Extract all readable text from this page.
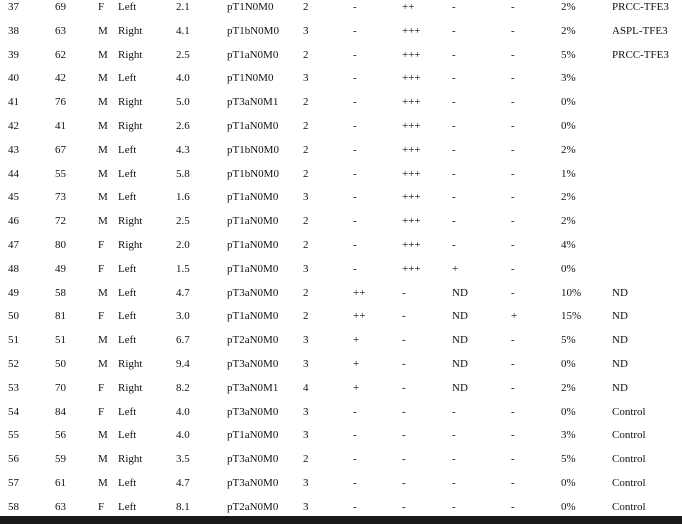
37	69	F Left	2.1	pT1N0M0	2	-	++	-	-	2%	PRCC-TFE3
38	63	M Right	4.1	pT1bN0M0 3	-	+++	-	-	2%	ASPL-TFE3
39	62	M Right	2.5	pT1aN0M0 2	-	+++	-	-	5%	PRCC-TFE3
40	42	M Left	4.0	pT1N0M0	3	-	+++	-	-	3%
41	76	M Right	5.0	pT3aN0M1 2	-	+++	-	-	0%
42	41	M Right	2.6	pT1aN0M0 2	-	+++	-	-	0%
43	67	M Left	4.3	pT1bN0M0 2	-	+++	-	-	2%
44	55	M Left	5.8	pT1bN0M0 2	-	+++	-	-	1%
45	73	M Left	1.6	pT1aN0M0 3	-	+++	-	-	2%
46	72	M Right	2.5	pT1aN0M0 2	-	+++	-	-	2%
47	80	F Right	2.0	pT1aN0M0 2	-	+++	-	-	4%
48	49	F Left	1.5	pT1aN0M0 3	-	+++	+	-	0%
49	58	M Left	4.7	pT3aN0M0 2	++	-	ND	-	10%	ND
50	81	F Left	3.0	pT1aN0M0 2	++	-	ND	+	15%	ND
51	51	M Left	6.7	pT2aN0M0 3	+	-	ND	-	5%	ND
52	50	M Right	9.4	pT3aN0M0 3	+	-	ND	-	0%	ND
53	70	F Right	8.2	pT3aN0M1 4	+	-	ND	-	2%	ND
54	84	F Left	4.0	pT3aN0M0 3	-	-	-	-	0%	Control
55	56	M Left	4.0	pT1aN0M0 3	-	-	-	-	3%	Control
56	59	M Right	3.5	pT3aN0M0 2	-	-	-	-	5%	Control
57	61	M Left	4.7	pT3aN0M0 3	-	-	-	-	0%	Control
58	63	F Left	8.1	pT2aN0M0 3	-	-	-	-	0%	Control
